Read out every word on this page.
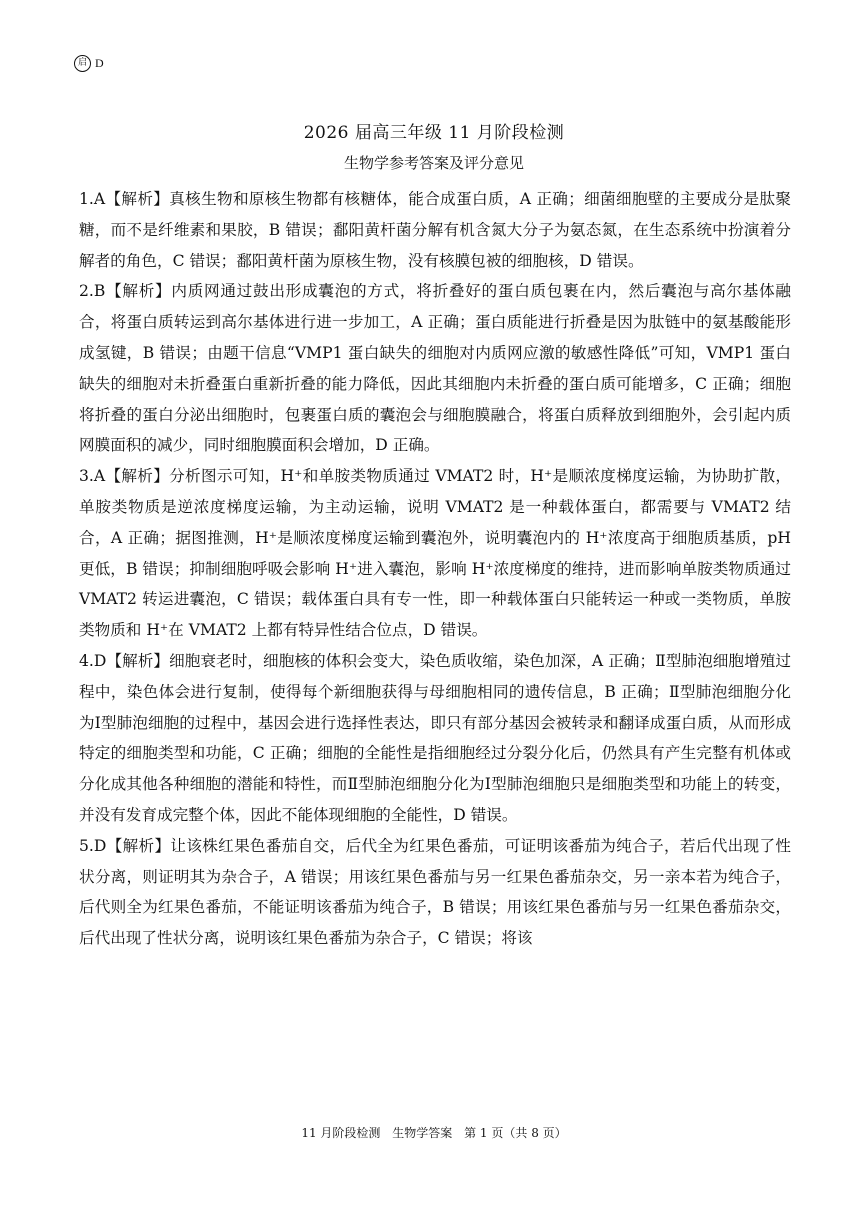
启 D
2026 届高三年级 11 月阶段检测
生物学参考答案及评分意见

1.A【解析】真核生物和原核生物都有核糖体，能合成蛋白质，A 正确；细菌细胞壁的主要成分是肽聚糖，而不是纤维素和果胶，B 错误；鄱阳黄杆菌分解有机含氮大分子为氨态氮，在生态系统中扮演着分解者的角色，C 错误；鄱阳黄杆菌为原核生物，没有核膜包被的细胞核，D 错误。

2.B【解析】内质网通过鼓出形成囊泡的方式，将折叠好的蛋白质包裹在内，然后囊泡与高尔基体融合，将蛋白质转运到高尔基体进行进一步加工，A 正确；蛋白质能进行折叠是因为肽链中的氨基酸能形成氢键，B 错误；由题干信息“VMP1 蛋白缺失的细胞对内质网应激的敏感性降低”可知，VMP1 蛋白缺失的细胞对未折叠蛋白重新折叠的能力降低，因此其细胞内未折叠的蛋白质可能增多，C 正确；细胞将折叠的蛋白分泌出细胞时，包裹蛋白质的囊泡会与细胞膜融合，将蛋白质释放到细胞外，会引起内质网膜面积的减少，同时细胞膜面积会增加，D 正确。

3.A【解析】分析图示可知，H⁺和单胺类物质通过 VMAT2 时，H⁺是顺浓度梯度运输，为协助扩散，单胺类物质是逆浓度梯度运输，为主动运输，说明 VMAT2 是一种载体蛋白，都需要与 VMAT2 结合，A 正确；据图推测，H⁺是顺浓度梯度运输到囊泡外，说明囊泡内的 H⁺浓度高于细胞质基质，pH 更低，B 错误；抑制细胞呼吸会影响 H⁺进入囊泡，影响 H⁺浓度梯度的维持，进而影响单胺类物质通过 VMAT2 转运进囊泡，C 错误；载体蛋白具有专一性，即一种载体蛋白只能转运一种或一类物质，单胺类物质和 H⁺在 VMAT2 上都有特异性结合位点，D 错误。

4.D【解析】细胞衰老时，细胞核的体积会变大，染色质收缩，染色加深，A 正确；Ⅱ型肺泡细胞增殖过程中，染色体会进行复制，使得每个新细胞获得与母细胞相同的遗传信息，B 正确；Ⅱ型肺泡细胞分化为Ⅰ型肺泡细胞的过程中，基因会进行选择性表达，即只有部分基因会被转录和翻译成蛋白质，从而形成特定的细胞类型和功能，C 正确；细胞的全能性是指细胞经过分裂分化后，仍然具有产生完整有机体或分化成其他各种细胞的潜能和特性，而Ⅱ型肺泡细胞分化为Ⅰ型肺泡细胞只是细胞类型和功能上的转变，并没有发育成完整个体，因此不能体现细胞的全能性，D 错误。

5.D【解析】让该株红果色番茄自交，后代全为红果色番茄，可证明该番茄为纯合子，若后代出现了性状分离，则证明其为杂合子，A 错误；用该红果色番茄与另一红果色番茄杂交，另一亲本若为纯合子，后代则全为红果色番茄，不能证明该番茄为纯合子，B 错误；用该红果色番茄与另一红果色番茄杂交，后代出现了性状分离，说明该红果色番茄为杂合子，C 错误；将该

11 月阶段检测 生物学答案 第 1 页（共 8 页）
